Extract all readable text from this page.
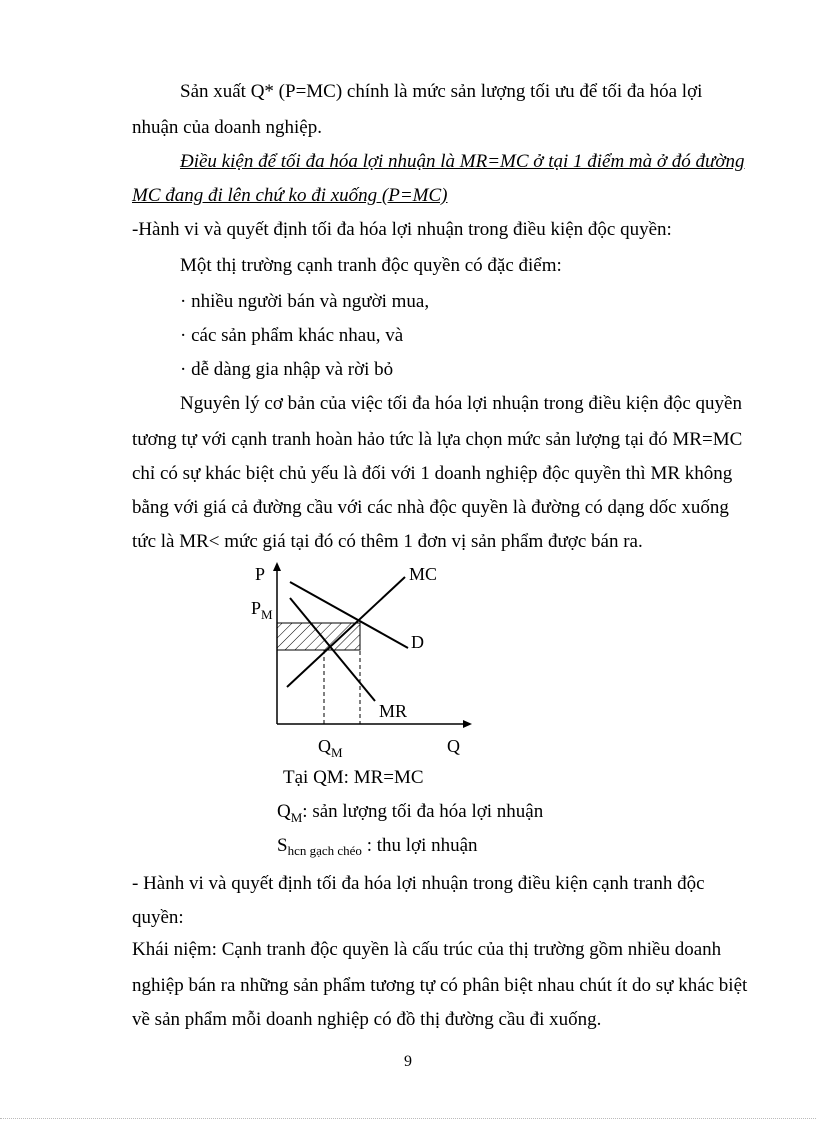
Sản xuất Q* (P=MC) chính là mức sản lượng tối ưu để tối đa hóa lợi
nhuận của doanh nghiệp.
Điều kiện để tối đa hóa lợi nhuận là MR=MC ở tại 1 điểm mà ở đó đường
MC đang đi lên chứ ko đi xuống (P=MC)
-Hành vi và quyết định tối đa hóa lợi nhuận trong điều kiện độc quyền:
Một thị trường cạnh tranh độc quyền có đặc điểm:
· nhiều người bán và người mua,
· các sản phẩm khác nhau, và
· dễ dàng gia nhập và rời bỏ
Nguyên lý cơ bản của việc tối đa hóa lợi nhuận trong điều kiện độc quyền
tương tự với cạnh tranh hoàn hảo tức là lựa chọn mức sản lượng tại đó MR=MC
chỉ có sự khác biệt chủ yếu là đối với 1 doanh nghiệp độc quyền thì MR không
bằng với giá cả đường cầu với các nhà độc quyền là đường có dạng dốc xuống
tức là MR< mức giá tại đó có thêm 1 đơn vị sản phẩm được bán ra.
P
$P_M$
MC
D
MR
$Q_M$	Q
Tại QM: MR=MC
$Q_M$: sản lượng tối đa hóa lợi nhuận
$S_{hcn gạch chéo}$ : thu lợi nhuận
- Hành vi và quyết định tối đa hóa lợi nhuận trong điều kiện cạnh tranh độc
quyền:
Khái niệm: Cạnh tranh độc quyền là cấu trúc của thị trường gồm nhiều doanh
nghiệp bán ra những sản phẩm tương tự có phân biệt nhau chút ít do sự khác biệt
về sản phẩm mỗi doanh nghiệp có đồ thị đường cầu đi xuống.
9
